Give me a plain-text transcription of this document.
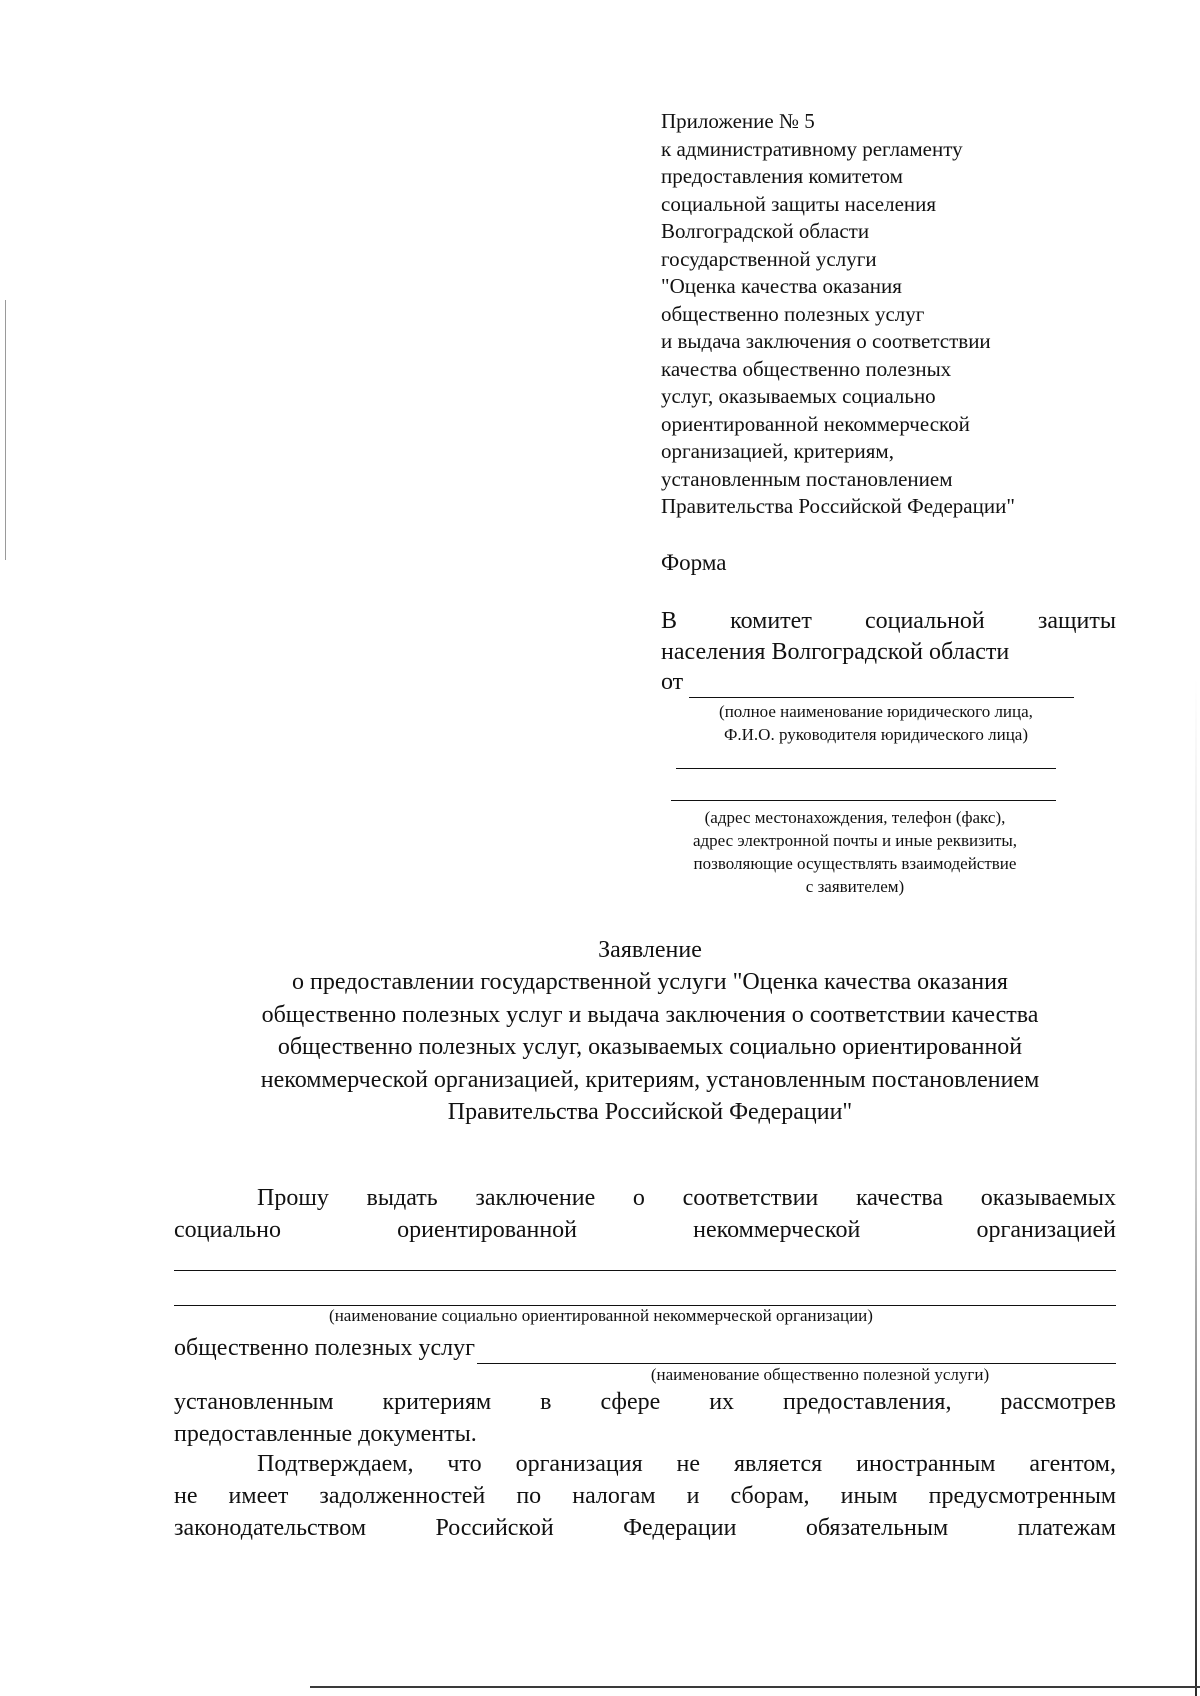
Приложение № 5
к административному регламенту
предоставления комитетом
социальной защиты населения
Волгоградской области
государственной услуги
"Оценка качества оказания
общественно полезных услуг
и выдача заключения о соответствии
качества общественно полезных
услуг, оказываемых социально
ориентированной некоммерческой
организацией, критериям,
установленным постановлением
Правительства Российской Федерации"
Форма
В комитет социальной защиты
населения Волгоградской области
от
(полное наименование юридического лица,
Ф.И.О. руководителя юридического лица)
(адрес местонахождения, телефон (факс),
адрес электронной почты и иные реквизиты,
позволяющие осуществлять взаимодействие
с заявителем)
Заявление
о предоставлении государственной услуги "Оценка качества оказания
общественно полезных услуг и выдача заключения о соответствии качества
общественно полезных услуг, оказываемых социально ориентированной
некоммерческой организацией, критериям, установленным постановлением
Правительства Российской Федерации"
Прошу выдать заключение о соответствии качества оказываемых
социально ориентированной некоммерческой организацией
(наименование социально ориентированной некоммерческой организации)
общественно полезных услуг
(наименование общественно полезной услуги)
установленным критериям в сфере их предоставления, рассмотрев
предоставленные документы.
Подтверждаем, что организация не является иностранным агентом,
не имеет задолженностей по налогам и сборам, иным предусмотренным
законодательством Российской Федерации обязательным платежам
